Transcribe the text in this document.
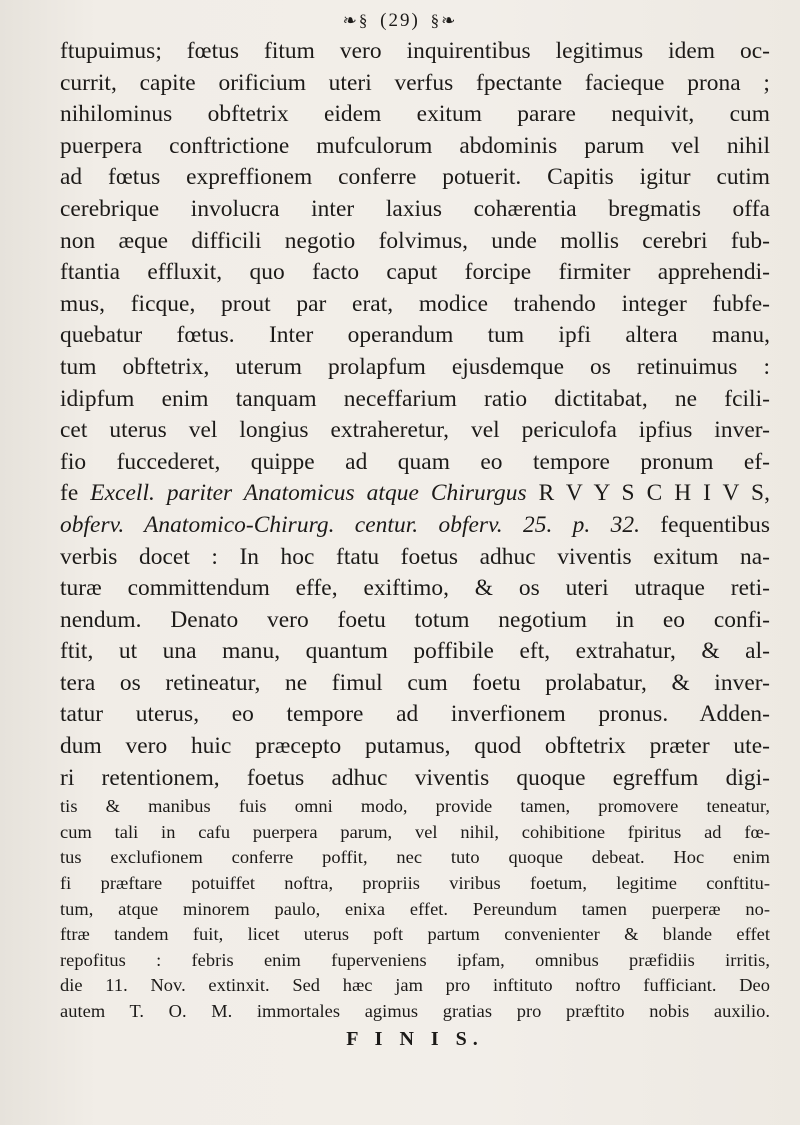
❧§ (29) §❧
ftupuimus; fœtus fitum vero inquirentibus legitimus idem oc-
currit, capite orificium uteri verfus fpectante facieque prona ;
nihilominus obftetrix eidem exitum parare nequivit, cum
puerpera conftrictione mufculorum abdominis parum vel nihil
ad fœtus expreffionem conferre potuerit. Capitis igitur cutim
cerebrique involucra inter laxius cohærentia bregmatis offa
non æque difficili negotio folvimus, unde mollis cerebri fub-
ftantia effluxit, quo facto caput forcipe firmiter apprehendi-
mus, ficque, prout par erat, modice trahendo integer fubfe-
quebatur fœtus. Inter operandum tum ipfi altera manu,
tum obftetrix, uterum prolapfum ejusdemque os retinuimus :
idipfum enim tanquam neceffarium ratio dictitabat, ne fcili-
cet uterus vel longius extraheretur, vel periculofa ipfius inver-
fio fuccederet, quippe ad quam eo tempore pronum ef-
fe Excell. pariter Anatomicus atque Chirurgus R V Y S C H I V S,
obferv. Anatomico-Chirurg. centur. obferv. 25. p. 32. fequentibus
verbis docet : In hoc ftatu foetus adhuc viventis exitum na-
turæ committendum effe, exiftimo, & os uteri utraque reti-
nendum. Denato vero foetu totum negotium in eo confi-
ftit, ut una manu, quantum poffibile eft, extrahatur, & al-
tera os retineatur, ne fimul cum foetu prolabatur, & inver-
tatur uterus, eo tempore ad inverfionem pronus. Adden-
dum vero huic præcepto putamus, quod obftetrix præter ute-
ri retentionem, foetus adhuc viventis quoque egreffum digi-
tis & manibus fuis omni modo, provide tamen, promovere teneatur,
cum tali in cafu puerpera parum, vel nihil, cohibitione fpiritus ad fœ-
tus exclufionem conferre poffit, nec tuto quoque debeat. Hoc enim
fi præftare potuiffet noftra, propriis viribus foetum, legitime conftitu-
tum, atque minorem paulo, enixa effet. Pereundum tamen puerperæ no-
ftræ tandem fuit, licet uterus poft partum convenienter & blande effet
repofitus : febris enim fuperveniens ipfam, omnibus præfidiis irritis,
die 11. Nov. extinxit. Sed hæc jam pro inftituto noftro fufficiant. Deo
autem T. O. M. immortales agimus gratias pro præftito nobis auxilio.
F I N I S.
